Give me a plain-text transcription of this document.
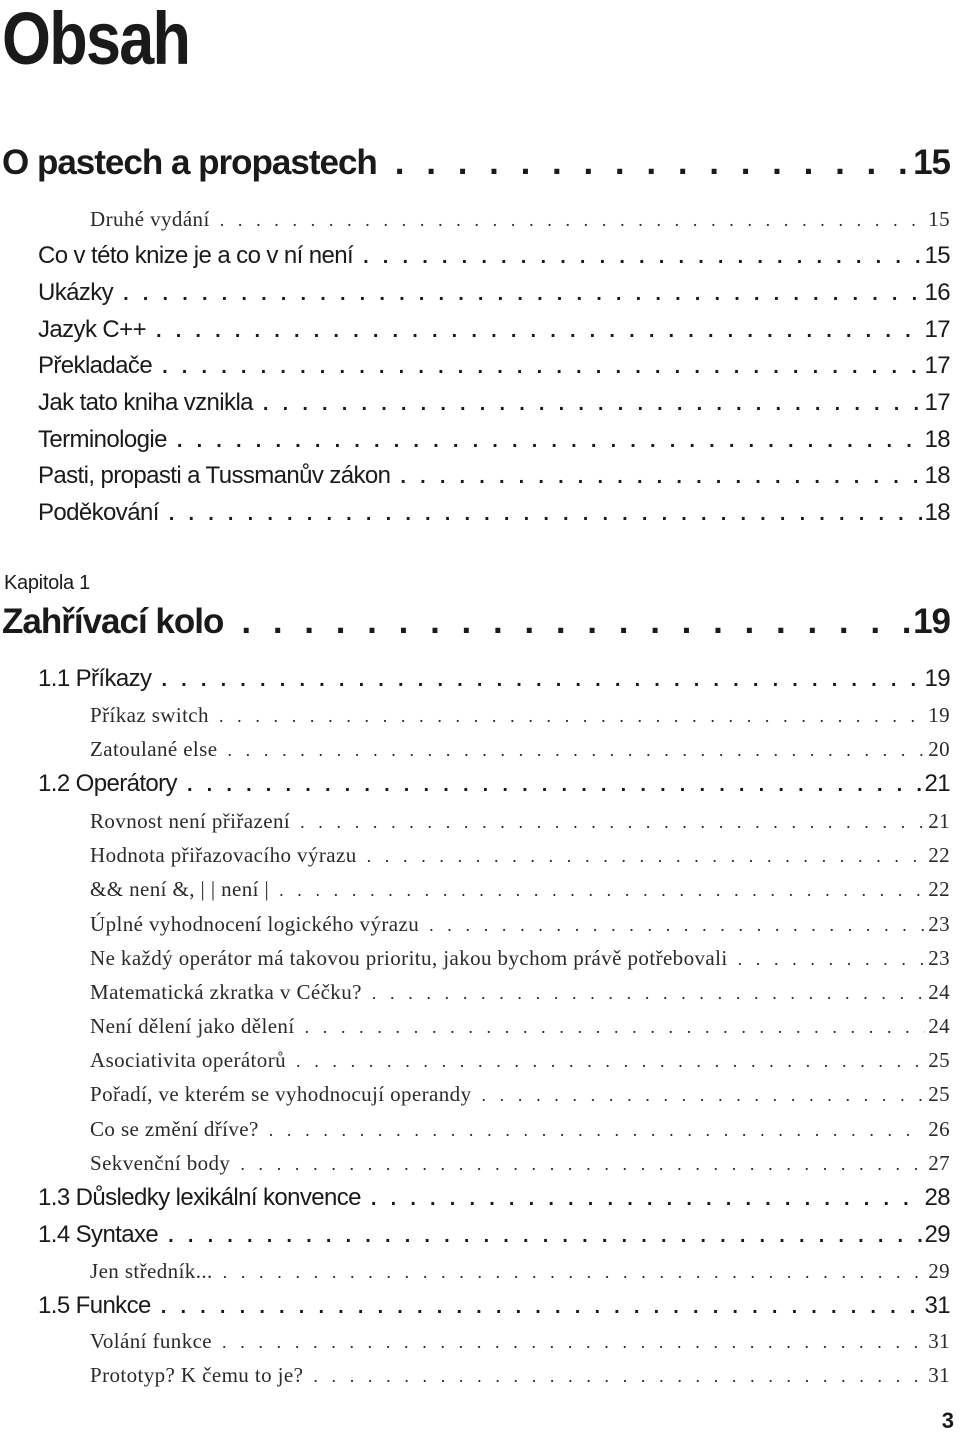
Obsah
O pastech a propastech . . .	15
Druhé vydání . . .	15
Co v této knize je a co v ní není . . .	15
Ukázky . . .	16
Jazyk C++ . . .	17
Překladače . . .	17
Jak tato kniha vznikla . . .	17
Terminologie . . .	18
Pasti, propasti a Tussmanův zákon . . .	18
Poděkování . . .	18
Kapitola 1
Zahřívací kolo . . .	19
1.1 Příkazy . . .	19
Příkaz switch . . .	19
Zatoulané else . . .	20
1.2 Operátory . . .	21
Rovnost není přiřazení . . .	21
Hodnota přiřazovacího výrazu . . .	22
&& není &, | | není | . . .	22
Úplné vyhodnocení logického výrazu . . .	23
Ne každý operátor má takovou prioritu, jakou bychom právě potřebovali . . .	23
Matematická zkratka v Céčku? . . .	24
Není dělení jako dělení . . .	24
Asociativita operátorů . . .	25
Pořadí, ve kterém se vyhodnocují operandy . . .	25
Co se změní dříve? . . .	26
Sekvenční body . . .	27
1.3 Důsledky lexikální konvence . . .	28
1.4 Syntaxe . . .	29
Jen středník... . . .	29
1.5 Funkce . . .	31
Volání funkce . . .	31
Prototyp? K čemu to je? . . .	31
3
